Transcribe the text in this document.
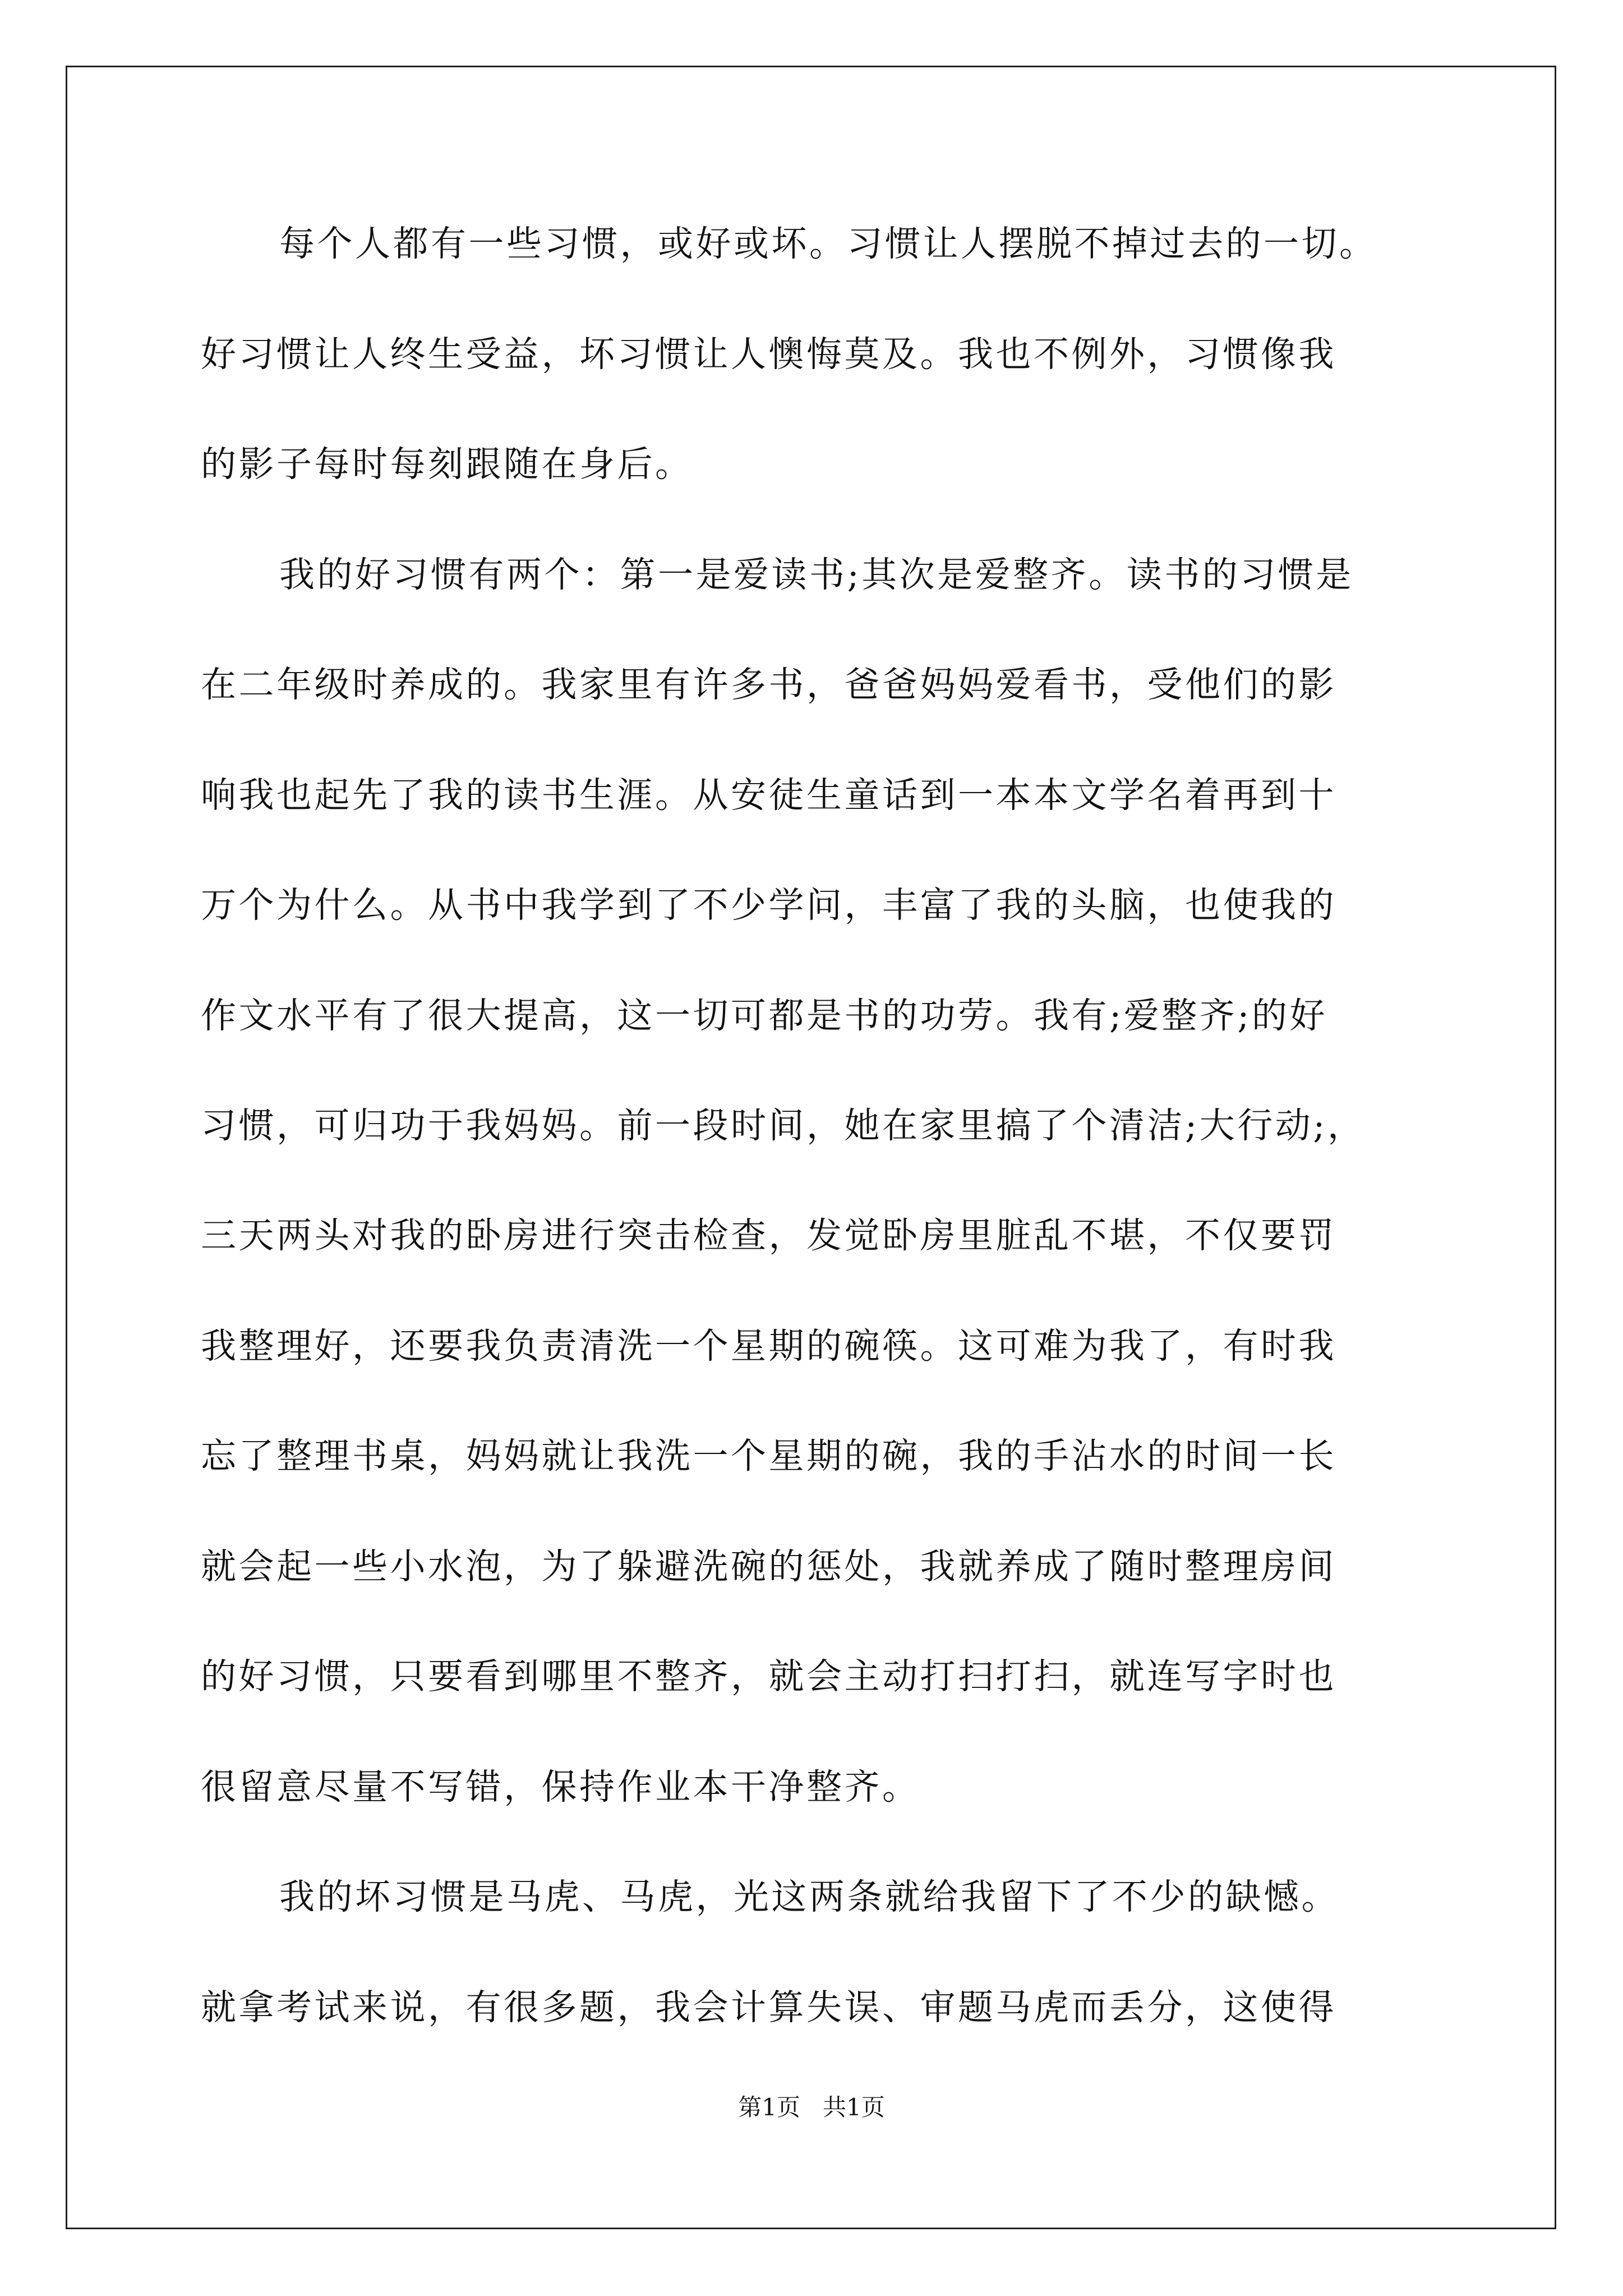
每个人都有一些习惯，或好或坏。习惯让人摆脱不掉过去的一切。
好习惯让人终生受益，坏习惯让人懊悔莫及。我也不例外，习惯像我
的影子每时每刻跟随在身后。
我的好习惯有两个：第一是爱读书;其次是爱整齐。读书的习惯是
在二年级时养成的。我家里有许多书，爸爸妈妈爱看书，受他们的影
响我也起先了我的读书生涯。从安徒生童话到一本本文学名着再到十
万个为什么。从书中我学到了不少学问，丰富了我的头脑，也使我的
作文水平有了很大提高，这一切可都是书的功劳。我有;爱整齐;的好
习惯，可归功于我妈妈。前一段时间，她在家里搞了个清洁;大行动;，
三天两头对我的卧房进行突击检查，发觉卧房里脏乱不堪，不仅要罚
我整理好，还要我负责清洗一个星期的碗筷。这可难为我了，有时我
忘了整理书桌，妈妈就让我洗一个星期的碗，我的手沾水的时间一长
就会起一些小水泡，为了躲避洗碗的惩处，我就养成了随时整理房间
的好习惯，只要看到哪里不整齐，就会主动打扫打扫，就连写字时也
很留意尽量不写错，保持作业本干净整齐。
我的坏习惯是马虎、马虎，光这两条就给我留下了不少的缺憾。
就拿考试来说，有很多题，我会计算失误、审题马虎而丢分，这使得
第1页   共1页
